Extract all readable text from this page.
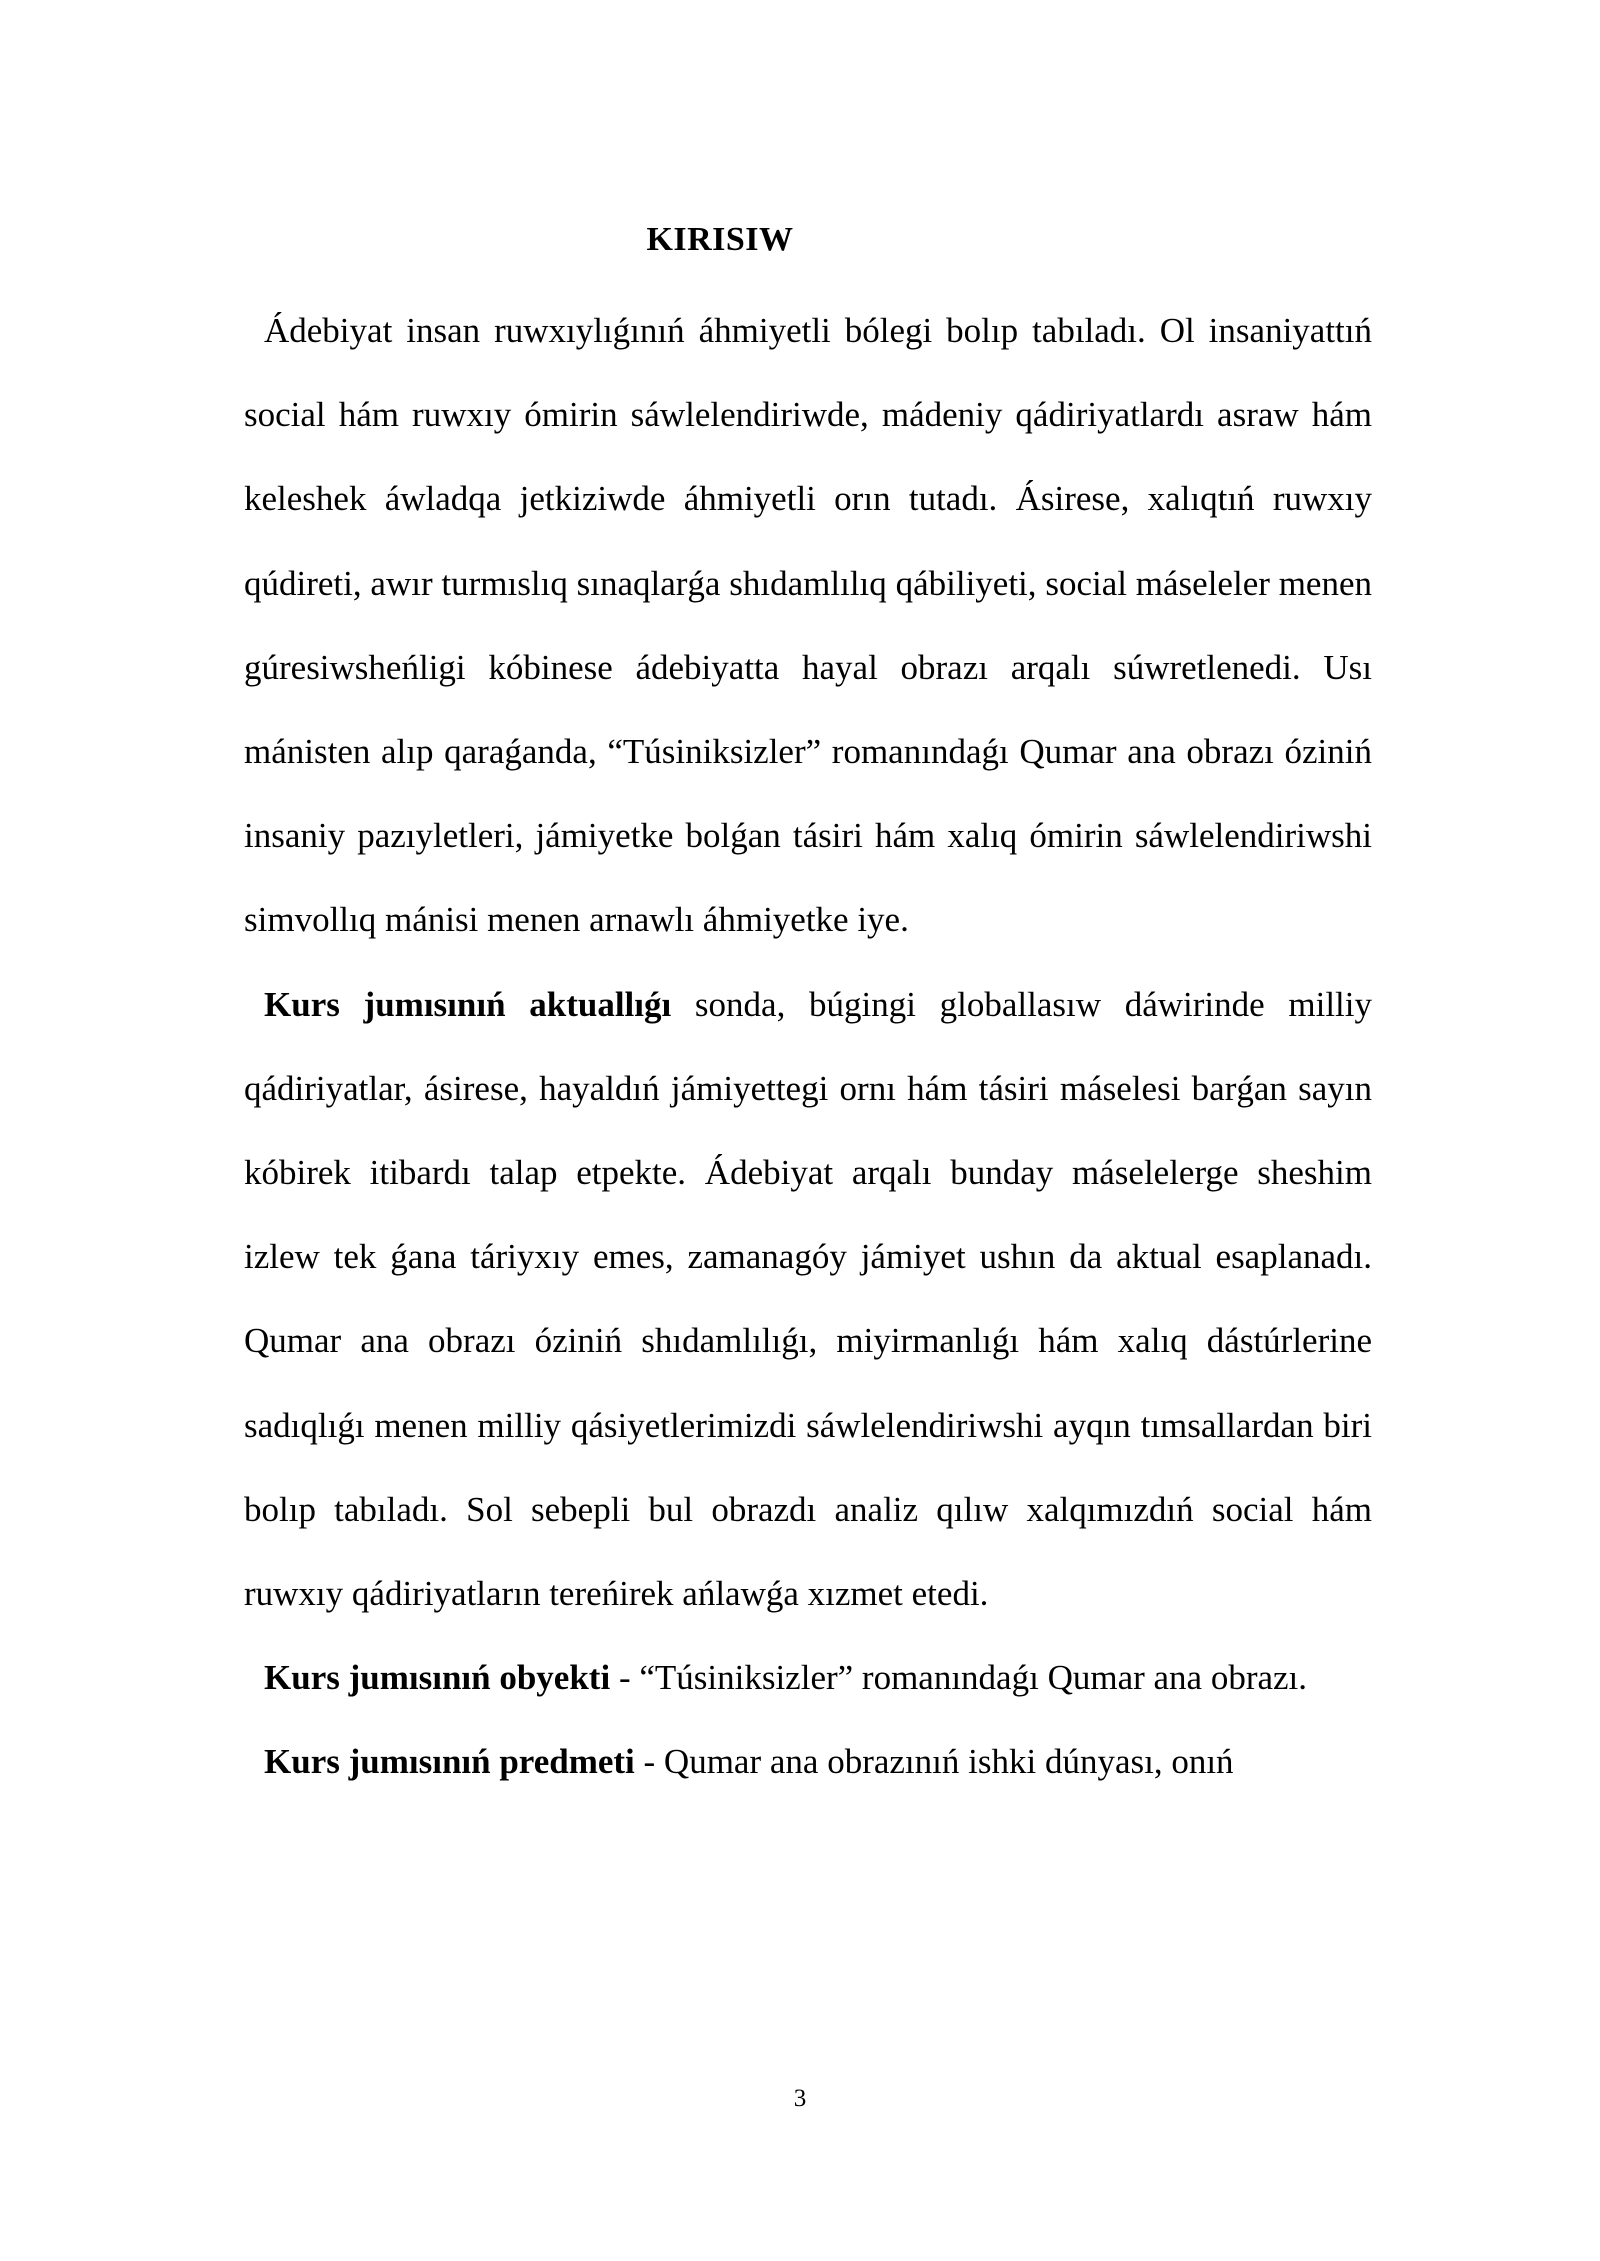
KIRISIW

Ádebiyat insan ruwxıylıǵınıń áhmiyetli bólegi bolıp tabıladı. Ol insaniyattıń social hám ruwxıy ómirin sáwlelendiriwde, mádeniy qádiriyatlardı asraw hám keleshek áwladqa jetkiziwde áhmiyetli orın tutadı. Ásirese, xalıqtıń ruwxıy qúdireti, awır turmıslıq sınaqlarǵa shıdamlılıq qábiliyeti, social máseleler menen gúresiwsheńligi kóbinese ádebiyatta hayal obrazı arqalı súwretlenedi. Usı mánisten alıp qaraǵanda, “Túsiniksizler” romanındaǵı Qumar ana obrazı óziniń insaniy pazıyletleri, jámiyetke bolǵan tásiri hám xalıq ómirin sáwlelendiriwshi simvollıq mánisi menen arnawlı áhmiyetke iye.

Kurs jumısınıń aktuallıǵı sonda, búgingi globallasıw dáwirinde milliy qádiriyatlar, ásirese, hayaldıń jámiyettegi ornı hám tásiri máselesi barǵan sayın kóbirek itibardı talap etpekte. Ádebiyat arqalı bunday máselelerge sheshim izlew tek ǵana táriyxıy emes, zamanagóy jámiyet ushın da aktual esaplanadı. Qumar ana obrazı óziniń shıdamlılıǵı, miyirmanlıǵı hám xalıq dástúrlerine sadıqlıǵı menen milliy qásiyetlerimizdi sáwlelendiriwshi ayqın tımsallardan biri bolıp tabıladı. Sol sebepli bul obrazdı analiz qılıw xalqımızdıń social hám ruwxıy qádiriyatların tereńirek ańlawǵa xızmet etedi.

Kurs jumısınıń obyekti - “Túsiniksizler” romanındaǵı Qumar ana obrazı.

Kurs jumısınıń predmeti - Qumar ana obrazınıń ishki dúnyası, onıń

3
